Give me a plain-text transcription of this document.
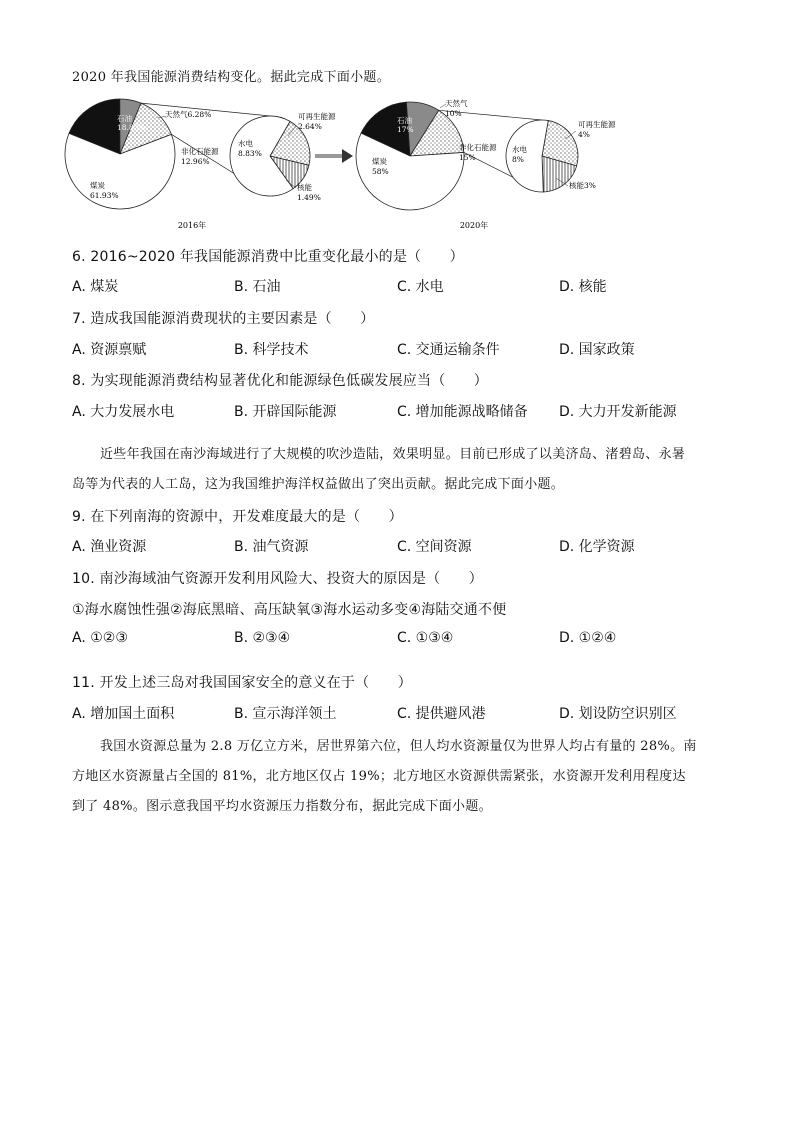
2020 年我国能源消费结构变化。据此完成下面小题。
石油
18.83%
天然气6.28%
非化石能源
12.96%
煤炭
61.93%
水电
8.83%
可再生能源
2.64%
核能
1.49%
石油
17%
天然气
10%
非化石能源
15%
煤炭
58%
水电
8%
可再生能源
4%
核能3%
2016年	2020年
6. 2016~2020 年我国能源消费中比重变化最小的是（　　）
A. 煤炭	B. 石油	C. 水电	D. 核能
7. 造成我国能源消费现状的主要因素是（　　）
A. 资源禀赋	B. 科学技术	C. 交通运输条件	D. 国家政策
8. 为实现能源消费结构显著优化和能源绿色低碳发展应当（　　）
A. 大力发展水电	B. 开辟国际能源	C. 增加能源战略储备 D. 大力开发新能源
近些年我国在南沙海域进行了大规模的吹沙造陆，效果明显。目前已形成了以美济岛、渚碧岛、永暑
岛等为代表的人工岛，这为我国维护海洋权益做出了突出贡献。据此完成下面小题。
9. 在下列南海的资源中，开发难度最大的是（　　）
A. 渔业资源	B. 油气资源	C. 空间资源	D. 化学资源
10. 南沙海域油气资源开发利用风险大、投资大的原因是（　　）
①海水腐蚀性强②海底黑暗、高压缺氧③海水运动多变④海陆交通不便
A. ①②③	B. ②③④	C. ①③④	D. ①②④
11. 开发上述三岛对我国国家安全的意义在于（　　）
A. 增加国土面积	B. 宣示海洋领土	C. 提供避风港	D. 划设防空识别区
我国水资源总量为 2.8 万亿立方米，居世界第六位，但人均水资源量仅为世界人均占有量的 28%。南
方地区水资源量占全国的 81%，北方地区仅占 19%；北方地区水资源供需紧张，水资源开发利用程度达
到了 48%。图示意我国平均水资源压力指数分布，据此完成下面小题。
